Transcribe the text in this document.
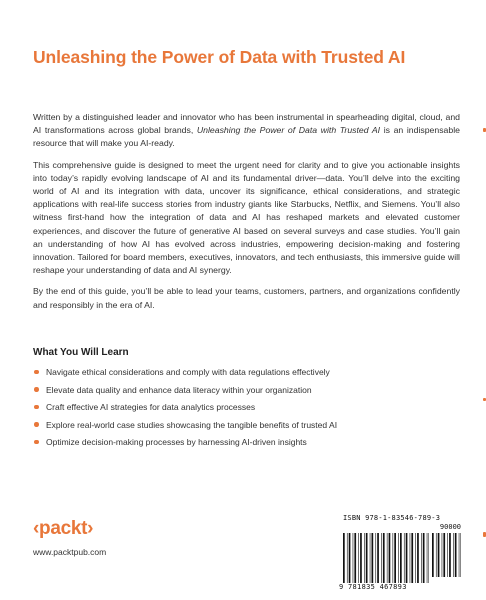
Unleashing the Power of Data with Trusted AI

Written by a distinguished leader and innovator who has been instrumental in spearheading digital, cloud, and AI transformations across global brands, Unleashing the Power of Data with Trusted AI is an indispensable resource that will make you AI-ready.

This comprehensive guide is designed to meet the urgent need for clarity and to give you actionable insights into today’s rapidly evolving landscape of AI and its fundamental driver—data. You’ll delve into the exciting world of AI and its integration with data, uncover its significance, ethical considerations, and strategic applications with real-life success stories from industry giants like Starbucks, Netflix, and Siemens. You’ll also witness first-hand how the integration of data and AI has reshaped markets and elevated customer experiences, and discover the future of generative AI based on several surveys and case studies. You’ll gain an understanding of how AI has evolved across industries, empowering decision-making and fostering innovation. Tailored for board members, executives, innovators, and tech enthusiasts, this immersive guide will reshape your understanding of data and AI synergy.

By the end of this guide, you’ll be able to lead your teams, customers, partners, and organizations confidently and responsibly in the era of AI.

What You Will Learn
Navigate ethical considerations and comply with data regulations effectively
Elevate data quality and enhance data literacy within your organization
Craft effective AI strategies for data analytics processes
Explore real-world case studies showcasing the tangible benefits of trusted AI
Optimize decision-making processes by harnessing AI-driven insights
‹packt›
www.packtpub.com
ISBN 978-1-83546-789-3
90000
9 781835 467893
